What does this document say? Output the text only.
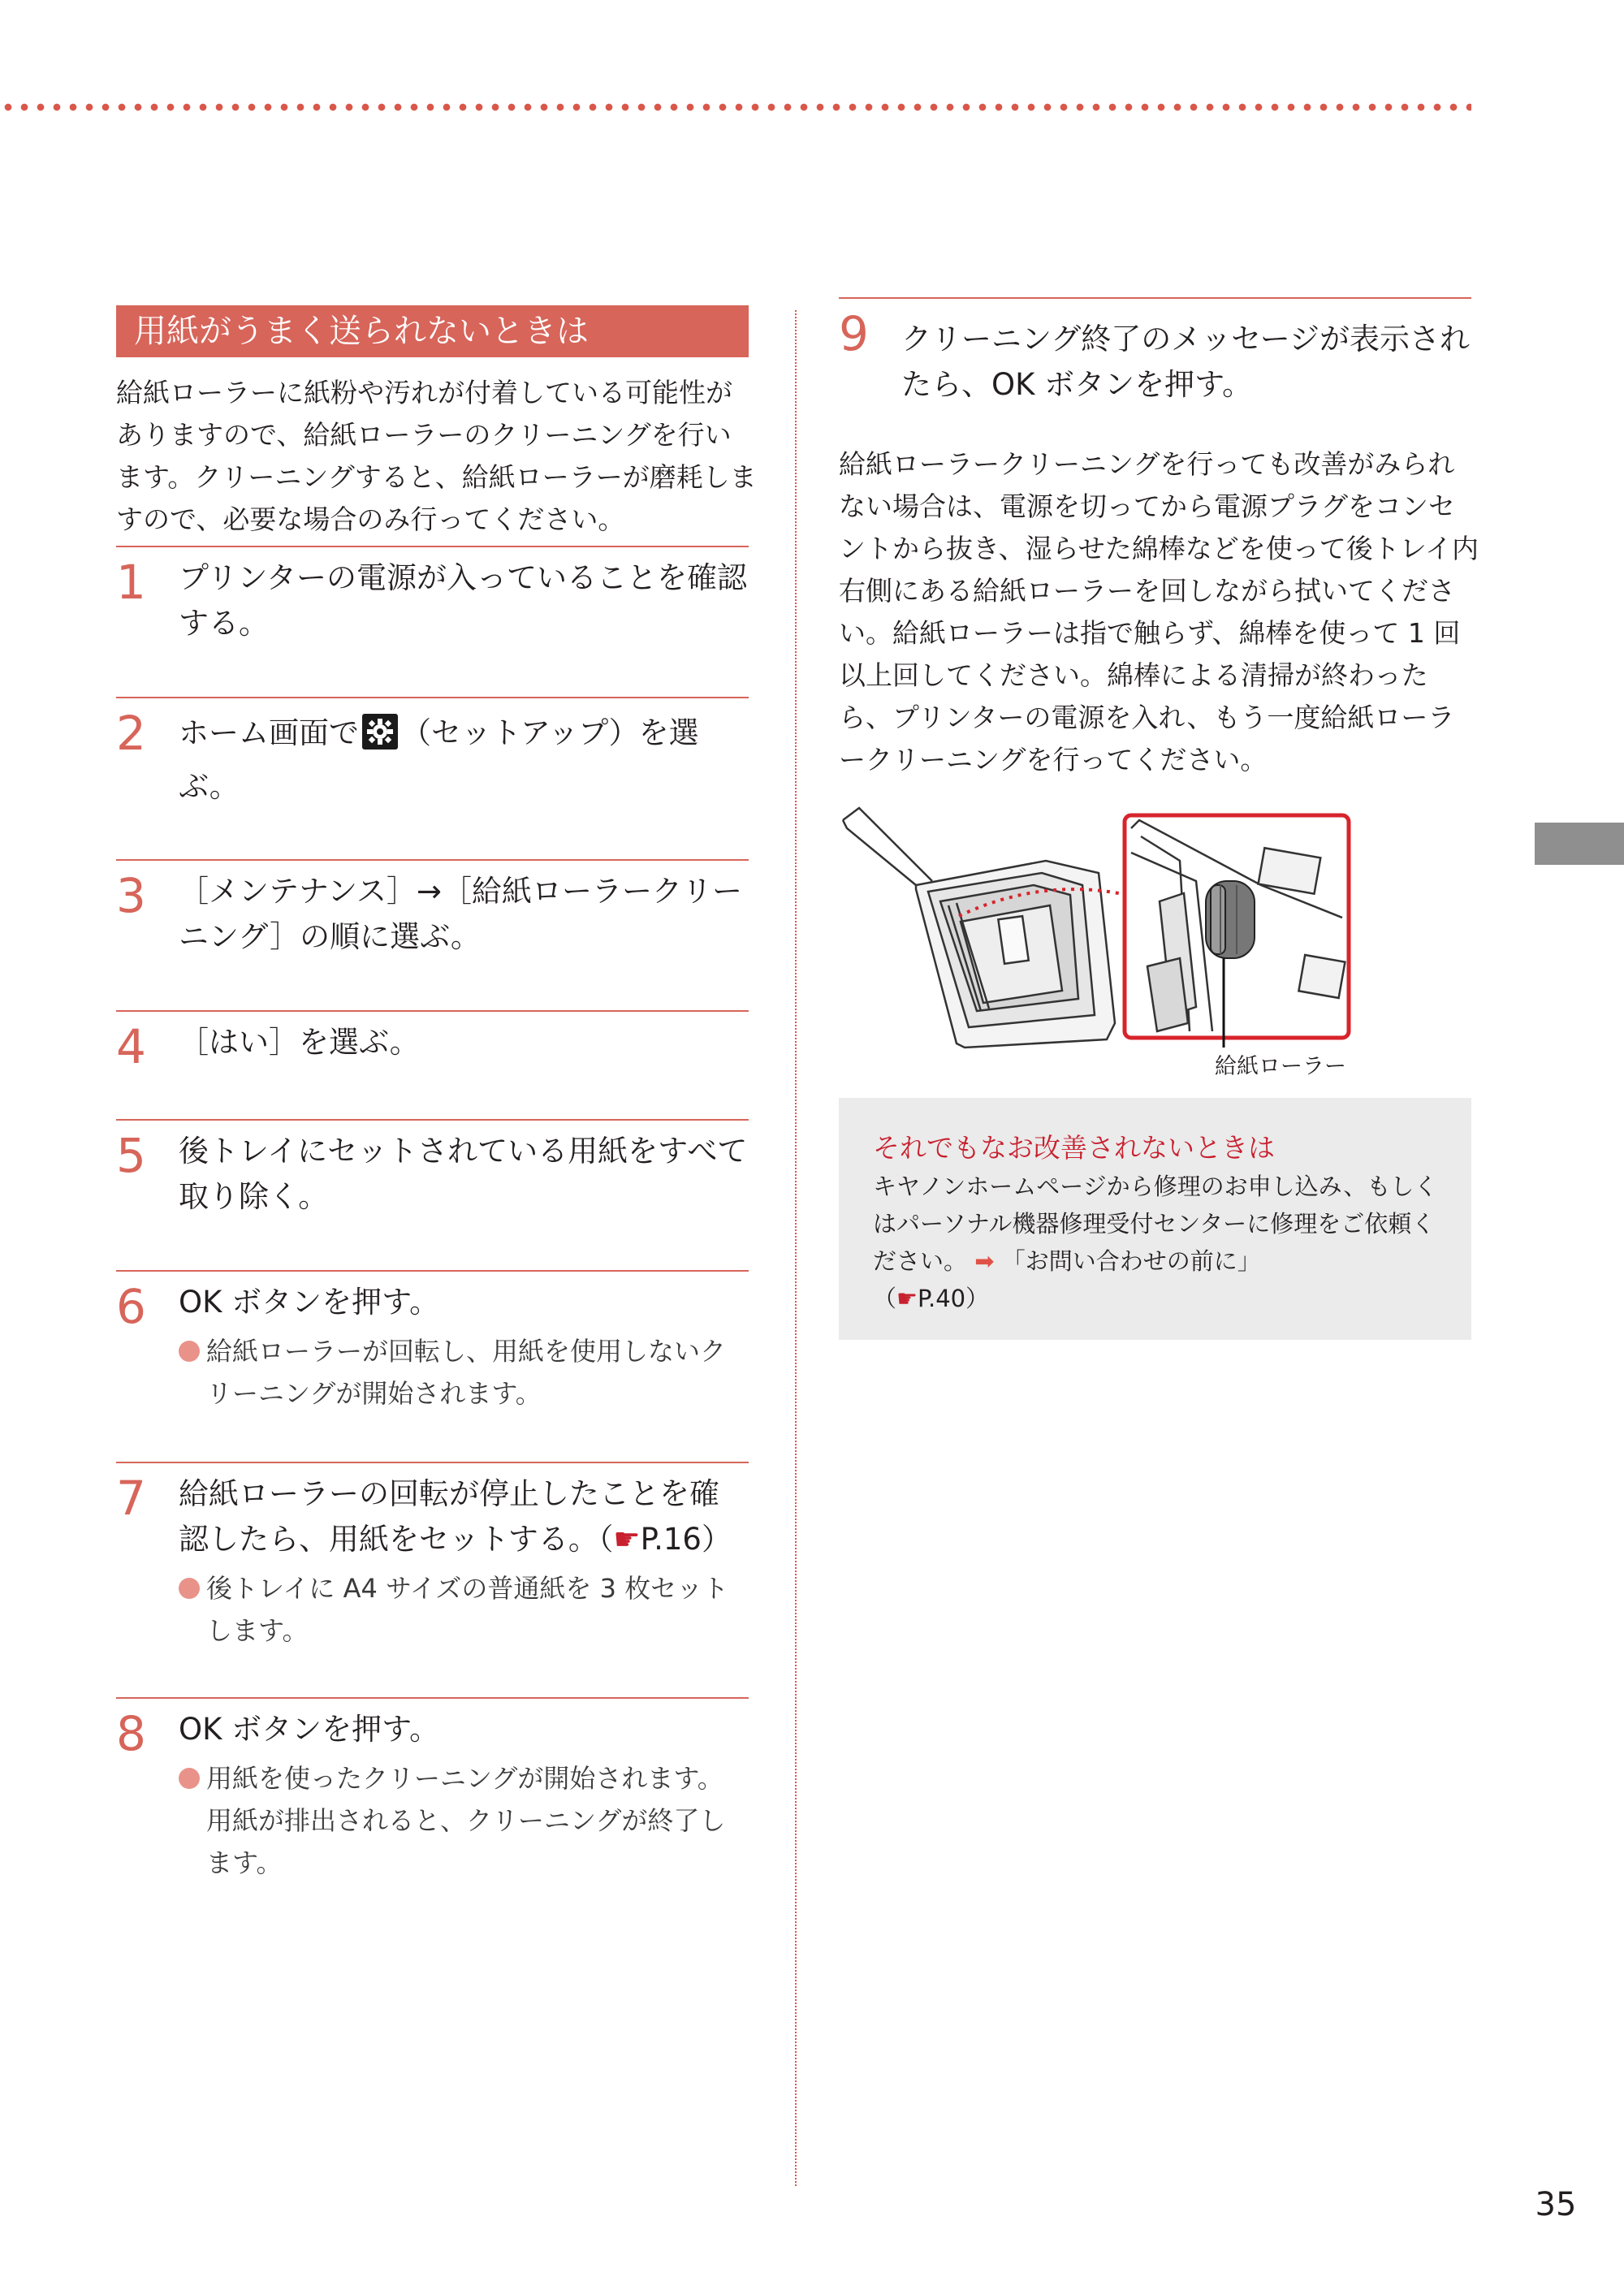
用紙がうまく送られないときは
給紙ローラーに紙粉や汚れが付着している可能性がありますので、給紙ローラーのクリーニングを行います。クリーニングすると、給紙ローラーが磨耗しますので、必要な場合のみ行ってください。
1 プリンターの電源が入っていることを確認する。
2 ホーム画面で （セットアップ）を選ぶ。
3 ［メンテナンス］→［給紙ローラークリーニング］の順に選ぶ。
4 ［はい］を選ぶ。
5 後トレイにセットされている用紙をすべて取り除く。
6 OK ボタンを押す。
給紙ローラーが回転し、用紙を使用しないクリーニングが開始されます。
7 給紙ローラーの回転が停止したことを確認したら、用紙をセットする。（☛P.16）
後トレイに A4 サイズの普通紙を 3 枚セットします。
8 OK ボタンを押す。
用紙を使ったクリーニングが開始されます。用紙が排出されると、クリーニングが終了します。
9 クリーニング終了のメッセージが表示されたら、OK ボタンを押す。
給紙ローラークリーニングを行っても改善がみられない場合は、電源を切ってから電源プラグをコンセントから抜き、湿らせた綿棒などを使って後トレイ内右側にある給紙ローラーを回しながら拭いてください。給紙ローラーは指で触らず、綿棒を使って 1 回以上回してください。綿棒による清掃が終わったら、プリンターの電源を入れ、もう一度給紙ローラークリーニングを行ってください。
給紙ローラー
それでもなお改善されないときは
キヤノンホームページから修理のお申し込み、もしくはパーソナル機器修理受付センターに修理をご依頼ください。 ➡ 「お問い合わせの前に」
（☛P.40）
35
